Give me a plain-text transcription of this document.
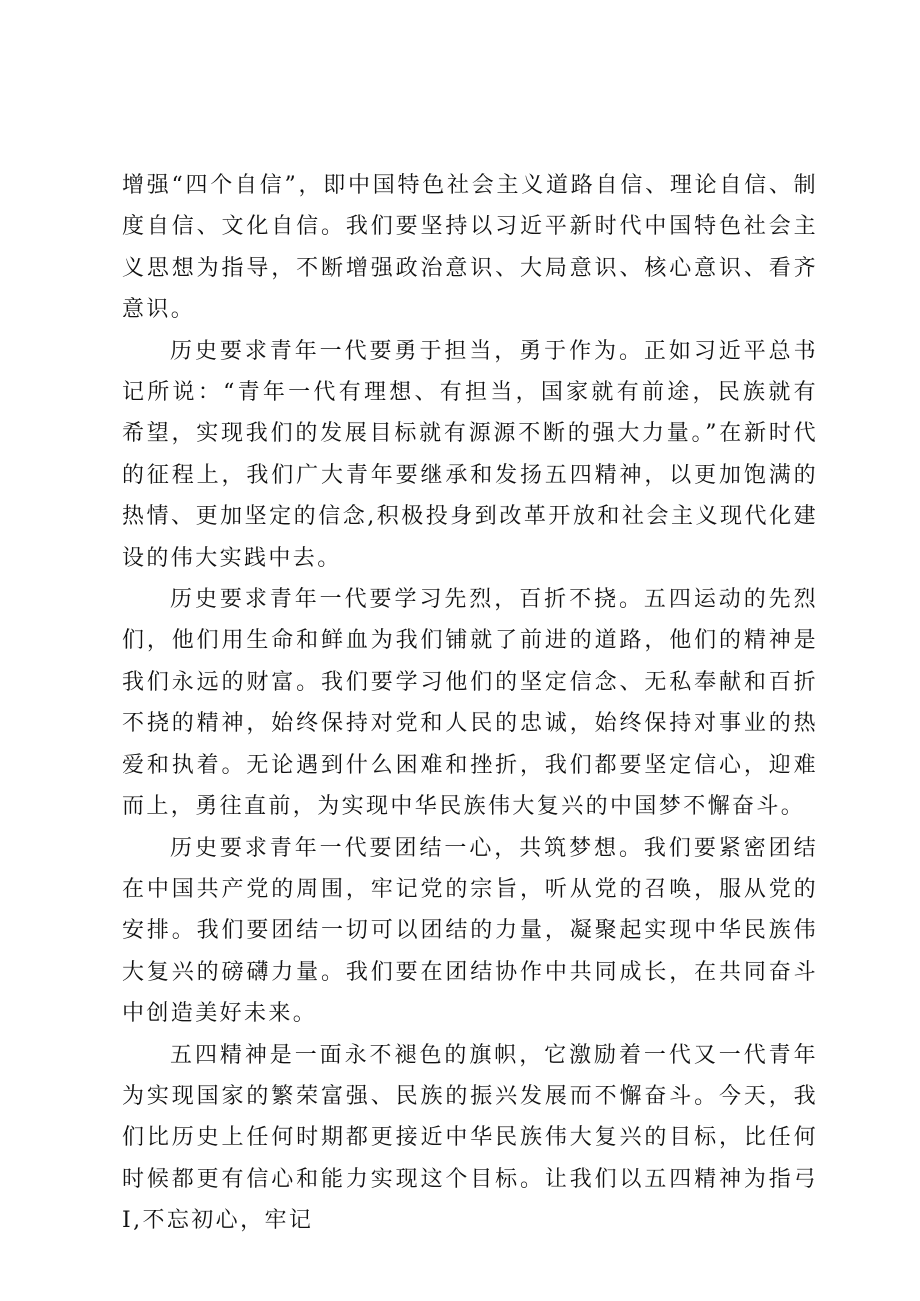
增强“四个自信”，即中国特色社会主义道路自信、理论自信、制度自信、文化自信。我们要坚持以习近平新时代中国特色社会主义思想为指导，不断增强政治意识、大局意识、核心意识、看齐意识。

历史要求青年一代要勇于担当，勇于作为。正如习近平总书记所说：“青年一代有理想、有担当，国家就有前途，民族就有希望，实现我们的发展目标就有源源不断的强大力量。”在新时代的征程上，我们广大青年要继承和发扬五四精神，以更加饱满的热情、更加坚定的信念,积极投身到改革开放和社会主义现代化建设的伟大实践中去。

历史要求青年一代要学习先烈，百折不挠。五四运动的先烈们，他们用生命和鲜血为我们铺就了前进的道路，他们的精神是我们永远的财富。我们要学习他们的坚定信念、无私奉献和百折不挠的精神，始终保持对党和人民的忠诚，始终保持对事业的热爱和执着。无论遇到什么困难和挫折，我们都要坚定信心，迎难而上，勇往直前，为实现中华民族伟大复兴的中国梦不懈奋斗。

历史要求青年一代要团结一心，共筑梦想。我们要紧密团结在中国共产党的周围，牢记党的宗旨，听从党的召唤，服从党的安排。我们要团结一切可以团结的力量，凝聚起实现中华民族伟大复兴的磅礴力量。我们要在团结协作中共同成长，在共同奋斗中创造美好未来。

五四精神是一面永不褪色的旗帜，它激励着一代又一代青年为实现国家的繁荣富强、民族的振兴发展而不懈奋斗。今天，我们比历史上任何时期都更接近中华民族伟大复兴的目标，比任何时候都更有信心和能力实现这个目标。让我们以五四精神为指弓I,不忘初心，牢记
